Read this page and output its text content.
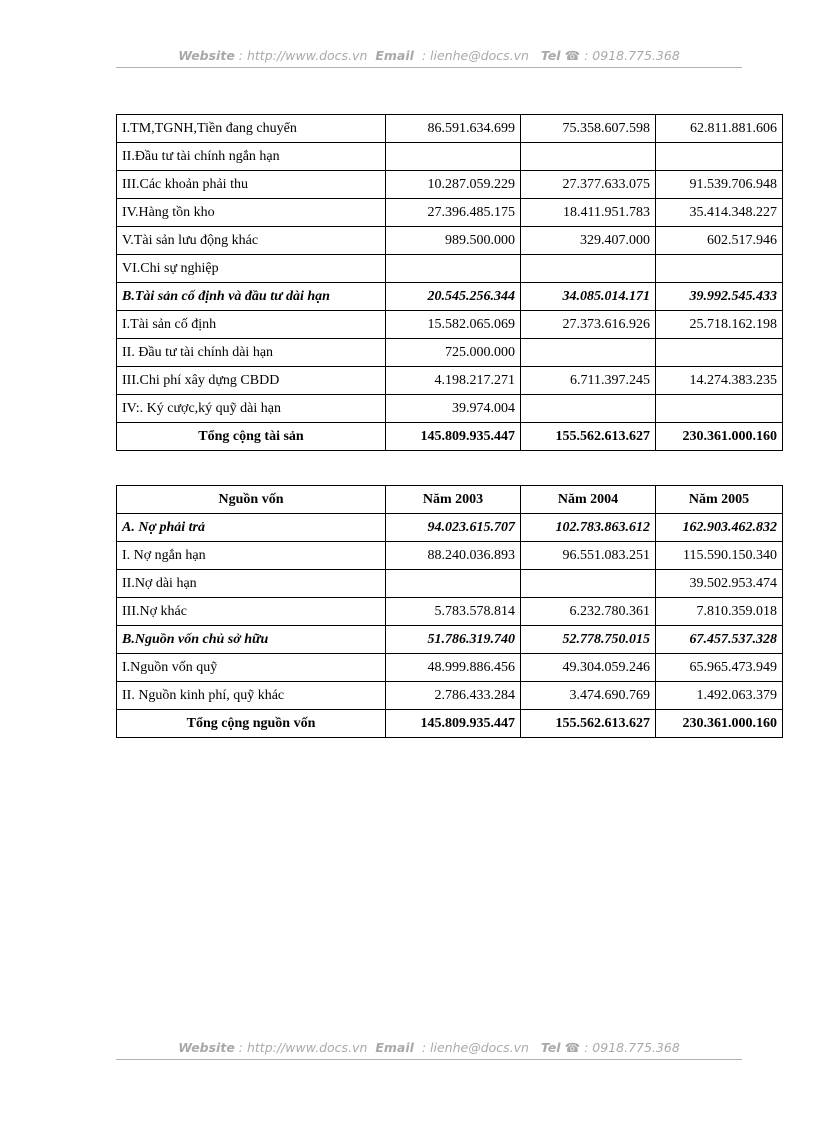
Website : http://www.docs.vn Email : lienhe@docs.vn Tel ☎ : 0918.775.368
I.TM,TGNH,Tiền đang chuyển	86.591.634.699	75.358.607.598	62.811.881.606
II.Đầu tư tài chính ngắn hạn			
III.Các khoản phải thu	10.287.059.229	27.377.633.075	91.539.706.948
IV.Hàng tồn kho	27.396.485.175	18.411.951.783	35.414.348.227
V.Tài sản lưu động khác	989.500.000	329.407.000	602.517.946
VI.Chi sự nghiệp			
B.Tài sản cố định và đầu tư dài hạn	20.545.256.344	34.085.014.171	39.992.545.433
I.Tài sản cố định	15.582.065.069	27.373.616.926	25.718.162.198
II. Đầu tư tài chính dài hạn	725.000.000		
III.Chi phí xây dựng CBDD	4.198.217.271	6.711.397.245	14.274.383.235
IV:. Ký cược,ký quỹ dài hạn	39.974.004		
Tổng cộng tài sản	145.809.935.447	155.562.613.627	230.361.000.160
Nguồn vốn	Năm 2003	Năm 2004	Năm 2005
A. Nợ phải trả	94.023.615.707	102.783.863.612	162.903.462.832
I. Nợ ngắn hạn	88.240.036.893	96.551.083.251	115.590.150.340
II.Nợ dài hạn			39.502.953.474
III.Nợ khác	5.783.578.814	6.232.780.361	7.810.359.018
B.Nguồn vốn chủ sở hữu	51.786.319.740	52.778.750.015	67.457.537.328
I.Nguồn vốn quỹ	48.999.886.456	49.304.059.246	65.965.473.949
II. Nguồn kinh phí, quỹ khác	2.786.433.284	3.474.690.769	1.492.063.379
Tổng cộng nguồn vốn	145.809.935.447	155.562.613.627	230.361.000.160
Website : http://www.docs.vn Email : lienhe@docs.vn Tel ☎ : 0918.775.368
